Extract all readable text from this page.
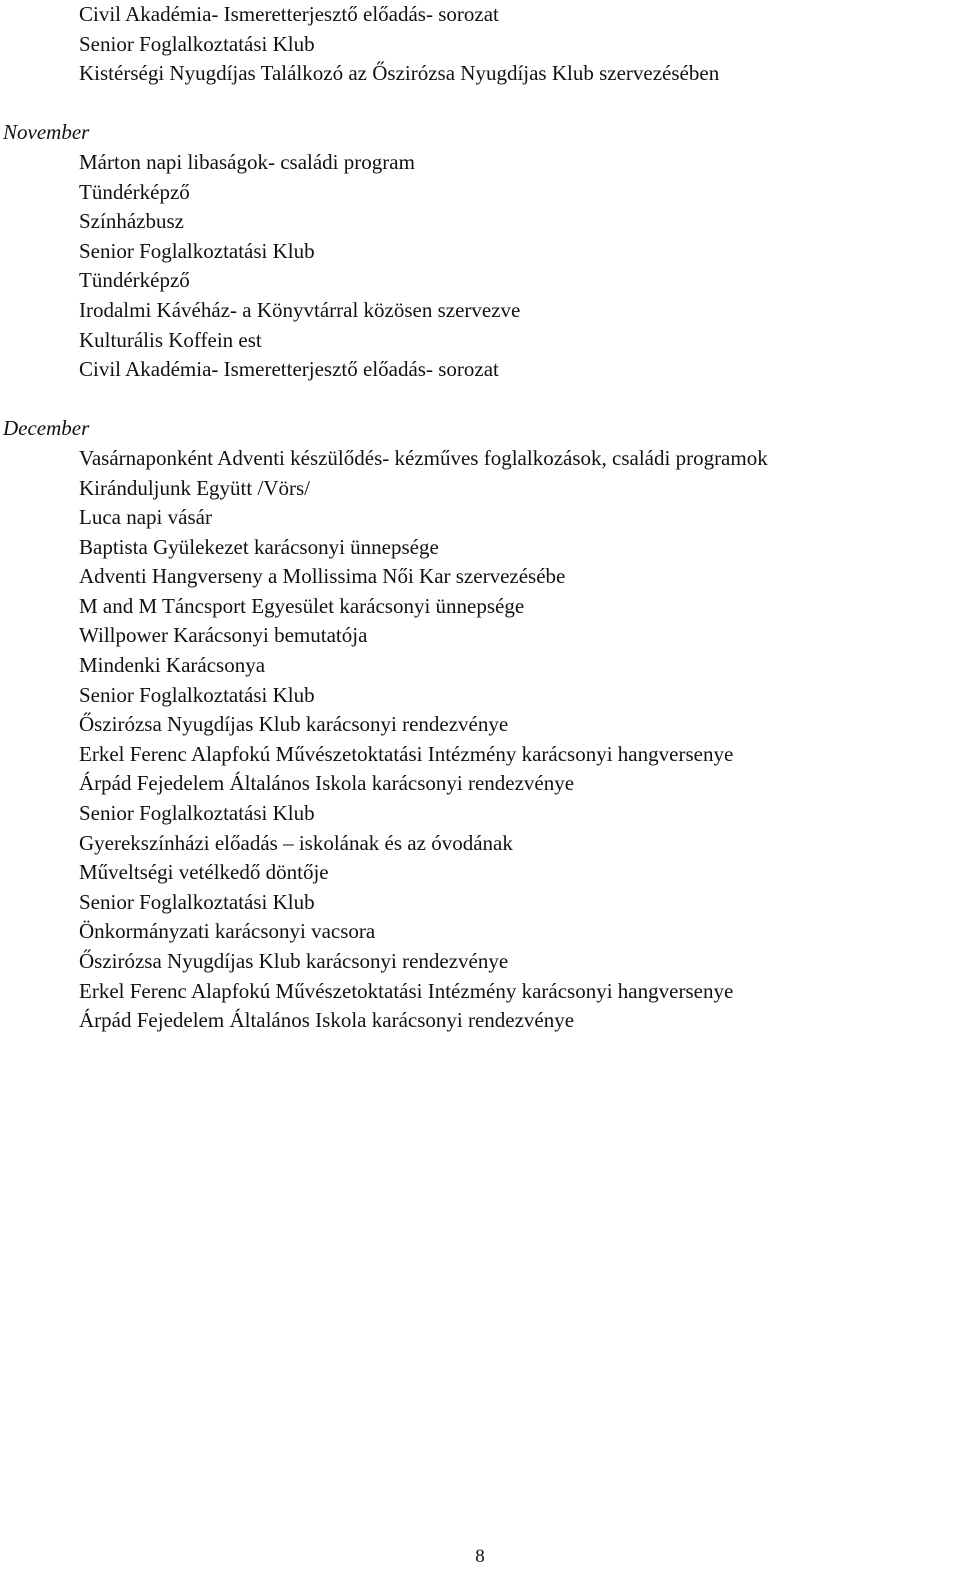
Civil Akadémia- Ismeretterjesztő előadás- sorozat

Senior Foglalkoztatási Klub

Kistérségi Nyugdíjas Találkozó az Őszirózsa Nyugdíjas Klub szervezésében

November

Márton napi libaságok- családi program

Tündérképző

Színházbusz

Senior Foglalkoztatási Klub

Tündérképző

Irodalmi Kávéház- a Könyvtárral közösen szervezve

Kulturális Koffein est

Civil Akadémia- Ismeretterjesztő előadás- sorozat

December

Vasárnaponként Adventi készülődés- kézműves foglalkozások, családi programok

Kiránduljunk Együtt /Vörs/

Luca napi vásár

Baptista Gyülekezet karácsonyi ünnepsége

Adventi Hangverseny a Mollissima Női Kar szervezésébe

M and M Táncsport Egyesület karácsonyi ünnepsége

Willpower Karácsonyi bemutatója

Mindenki Karácsonya

Senior Foglalkoztatási Klub

Őszirózsa Nyugdíjas Klub karácsonyi rendezvénye

Erkel Ferenc Alapfokú Művészetoktatási Intézmény karácsonyi hangversenye

Árpád Fejedelem Általános Iskola karácsonyi rendezvénye

Senior Foglalkoztatási Klub

Gyerekszínházi előadás – iskolának és az óvodának

Műveltségi vetélkedő döntője

Senior Foglalkoztatási Klub

Önkormányzati karácsonyi vacsora

Őszirózsa Nyugdíjas Klub karácsonyi rendezvénye

Erkel Ferenc Alapfokú Művészetoktatási Intézmény karácsonyi hangversenye

Árpád Fejedelem Általános Iskola karácsonyi rendezvénye

8
